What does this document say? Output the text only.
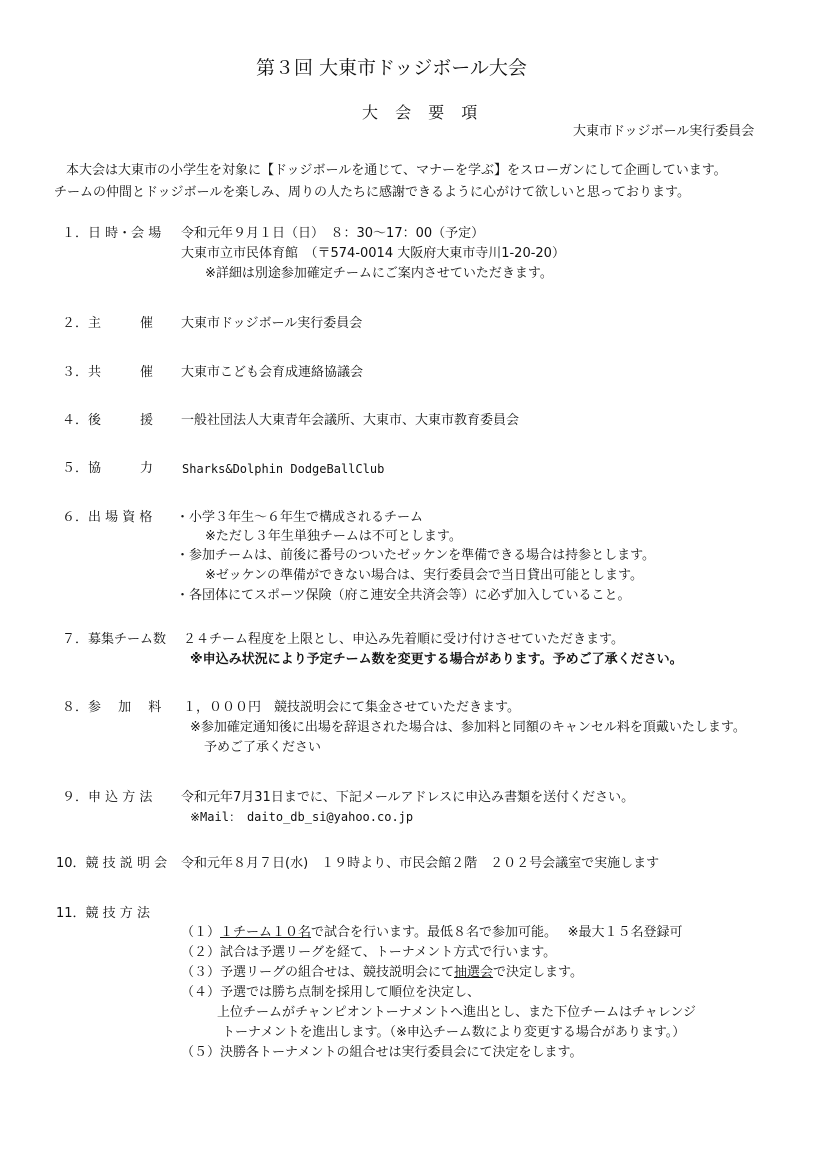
第３回 大東市ドッジボール大会
大 会 要 項
大東市ドッジボール実行委員会
本大会は大東市の小学生を対象に【ドッジボールを通じて、マナーを学ぶ】をスローガンにして企画しています。
チームの仲間とドッジボールを楽しみ、周りの人たちに感謝できるように心がけて欲しいと思っております。
１．日 時・会 場 令和元年９月１日（日）　８：30～17：00（予定）
大東市立市民体育館　（〒574-0014 大阪府大東市寺川1-20-20）
※詳細は別途参加確定チームにご案内させていただきます。
２．主　　　催 大東市ドッジボール実行委員会
３．共　　　催 大東市こども会育成連絡協議会
４．後　　　援 一般社団法人大東青年会議所、大東市、大東市教育委員会
５．協　　　力 Sharks&Dolphin DodgeBallClub
６．出 場 資 格 ・小学３年生～６年生で構成されるチーム
※ただし３年生単独チームは不可とします。
・参加チームは、前後に番号のついたゼッケンを準備できる場合は持参とします。
※ゼッケンの準備ができない場合は、実行委員会で当日貸出可能とします。
・各団体にてスポーツ保険（府こ連安全共済会等）に必ず加入していること。
７．募集チーム数 ２４チーム程度を上限とし、申込み先着順に受け付けさせていただきます。
※申込み状況により予定チーム数を変更する場合があります。予めご了承ください。
８．参　 加　 料 １，０００円　競技説明会にて集金させていただきます。
※参加確定通知後に出場を辞退された場合は、参加料と同額のキャンセル料を頂戴いたします。
予めご了承ください
９．申 込 方 法 令和元年7月31日までに、下記メールアドレスに申込み書類を送付ください。
※Mail：　daito_db_si@yahoo.co.jp
10．競 技 説 明 会 令和元年８月７日(水)　１９時より、市民会館２階　２０２号会議室で実施します
11．競 技 方 法
（１）１チーム１０名で試合を行います。最低８名で参加可能。　 ※最大１５名登録可
（２）試合は予選リーグを経て、トーナメント方式で行います。
（３）予選リーグの組合せは、競技説明会にて抽選会で決定します。
（４）予選では勝ち点制を採用して順位を決定し、
上位チームがチャンピオントーナメントへ進出とし、また下位チームはチャレンジ
トーナメントを進出します。（※申込チーム数により変更する場合があります。）
（５）決勝各トーナメントの組合せは実行委員会にて決定をします。
